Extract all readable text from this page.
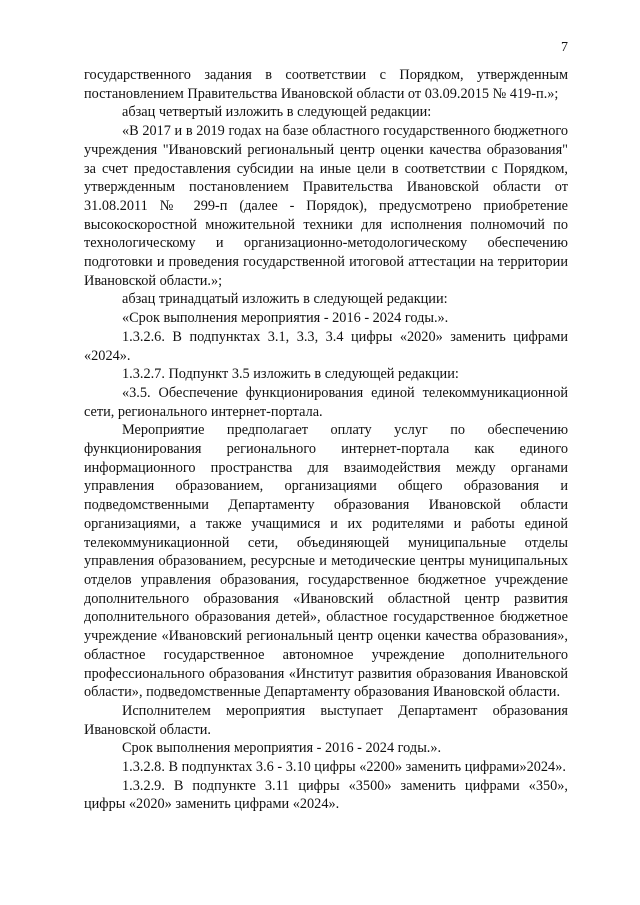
7

государственного задания в соответствии с Порядком, утвержденным постановлением Правительства Ивановской области от 03.09.2015 № 419-п.»;

абзац четвертый изложить в следующей редакции:

«В 2017 и в 2019 годах на базе областного государственного бюджетного учреждения "Ивановский региональный центр оценки качества образования" за счет предоставления субсидии на иные цели в соответствии с Порядком, утвержденным постановлением Правительства Ивановской области от 31.08.2011 № 299-п (далее - Порядок), предусмотрено приобретение высокоскоростной множительной техники для исполнения полномочий по технологическому и организационно-методологическому обеспечению подготовки и проведения государственной итоговой аттестации на территории Ивановской области.»;

абзац тринадцатый изложить в следующей редакции:

«Срок выполнения мероприятия - 2016 - 2024 годы.».

1.3.2.6. В подпунктах 3.1, 3.3, 3.4 цифры «2020» заменить цифрами «2024».

1.3.2.7. Подпункт 3.5 изложить в следующей редакции:

«3.5. Обеспечение функционирования единой телекоммуникационной сети, регионального интернет-портала.

Мероприятие предполагает оплату услуг по обеспечению функционирования регионального интернет-портала как единого информационного пространства для взаимодействия между органами управления образованием, организациями общего образования и подведомственными Департаменту образования Ивановской области организациями, а также учащимися и их родителями и работы единой телекоммуникационной сети, объединяющей муниципальные отделы управления образованием, ресурсные и методические центры муниципальных отделов управления образования, государственное бюджетное учреждение дополнительного образования «Ивановский областной центр развития дополнительного образования детей», областное государственное бюджетное учреждение «Ивановский региональный центр оценки качества образования», областное государственное автономное учреждение дополнительного профессионального образования «Институт развития образования Ивановской области», подведомственные Департаменту образования Ивановской области.

Исполнителем мероприятия выступает Департамент образования Ивановской области.

Срок выполнения мероприятия - 2016 - 2024 годы.».

1.3.2.8. В подпунктах 3.6 - 3.10 цифры «2200» заменить цифрами»2024».

1.3.2.9. В подпункте 3.11 цифры «3500» заменить цифрами «350», цифры «2020» заменить цифрами «2024».
